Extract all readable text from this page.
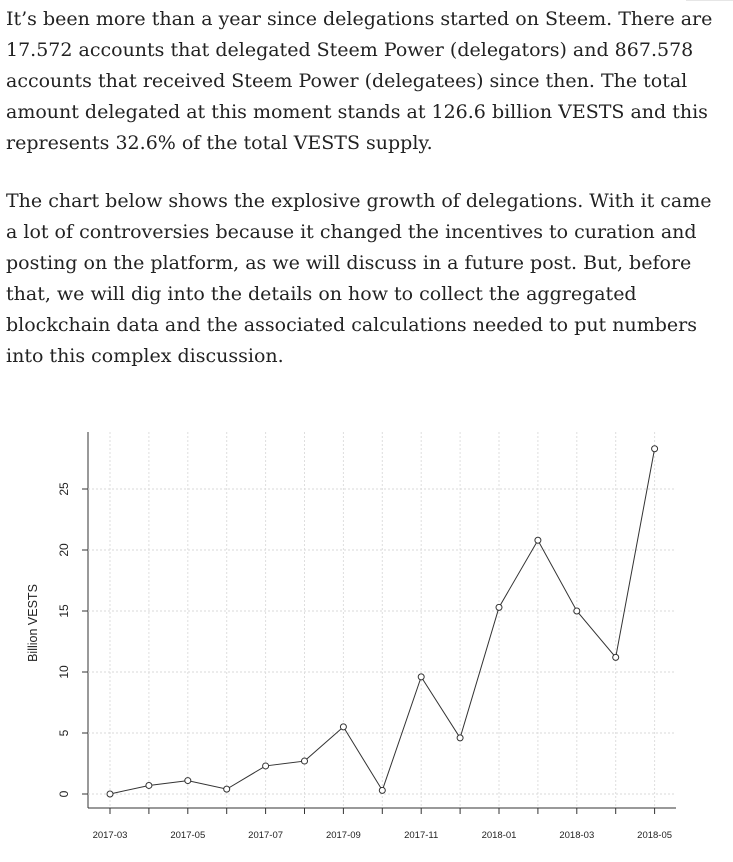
It’s been more than a year since delegations started on Steem. There are 17.572 accounts that delegated Steem Power (delegators) and 867.578 accounts that received Steem Power (delegatees) since then. The total amount delegated at this moment stands at 126.6 billion VESTS and this represents 32.6% of the total VESTS supply.

The chart below shows the explosive growth of delegations. With it came a lot of controversies because it changed the incentives to curation and posting on the platform, as we will discuss in a future post. But, before that, we will dig into the details on how to collect the aggregated blockchain data and the associated calculations needed to put numbers into this complex discussion.

0
5
10
15
20
25
2017-03	2017-05	2017-07	2017-09	2017-11	2018-01	2018-03	2018-05
Billion VESTS
